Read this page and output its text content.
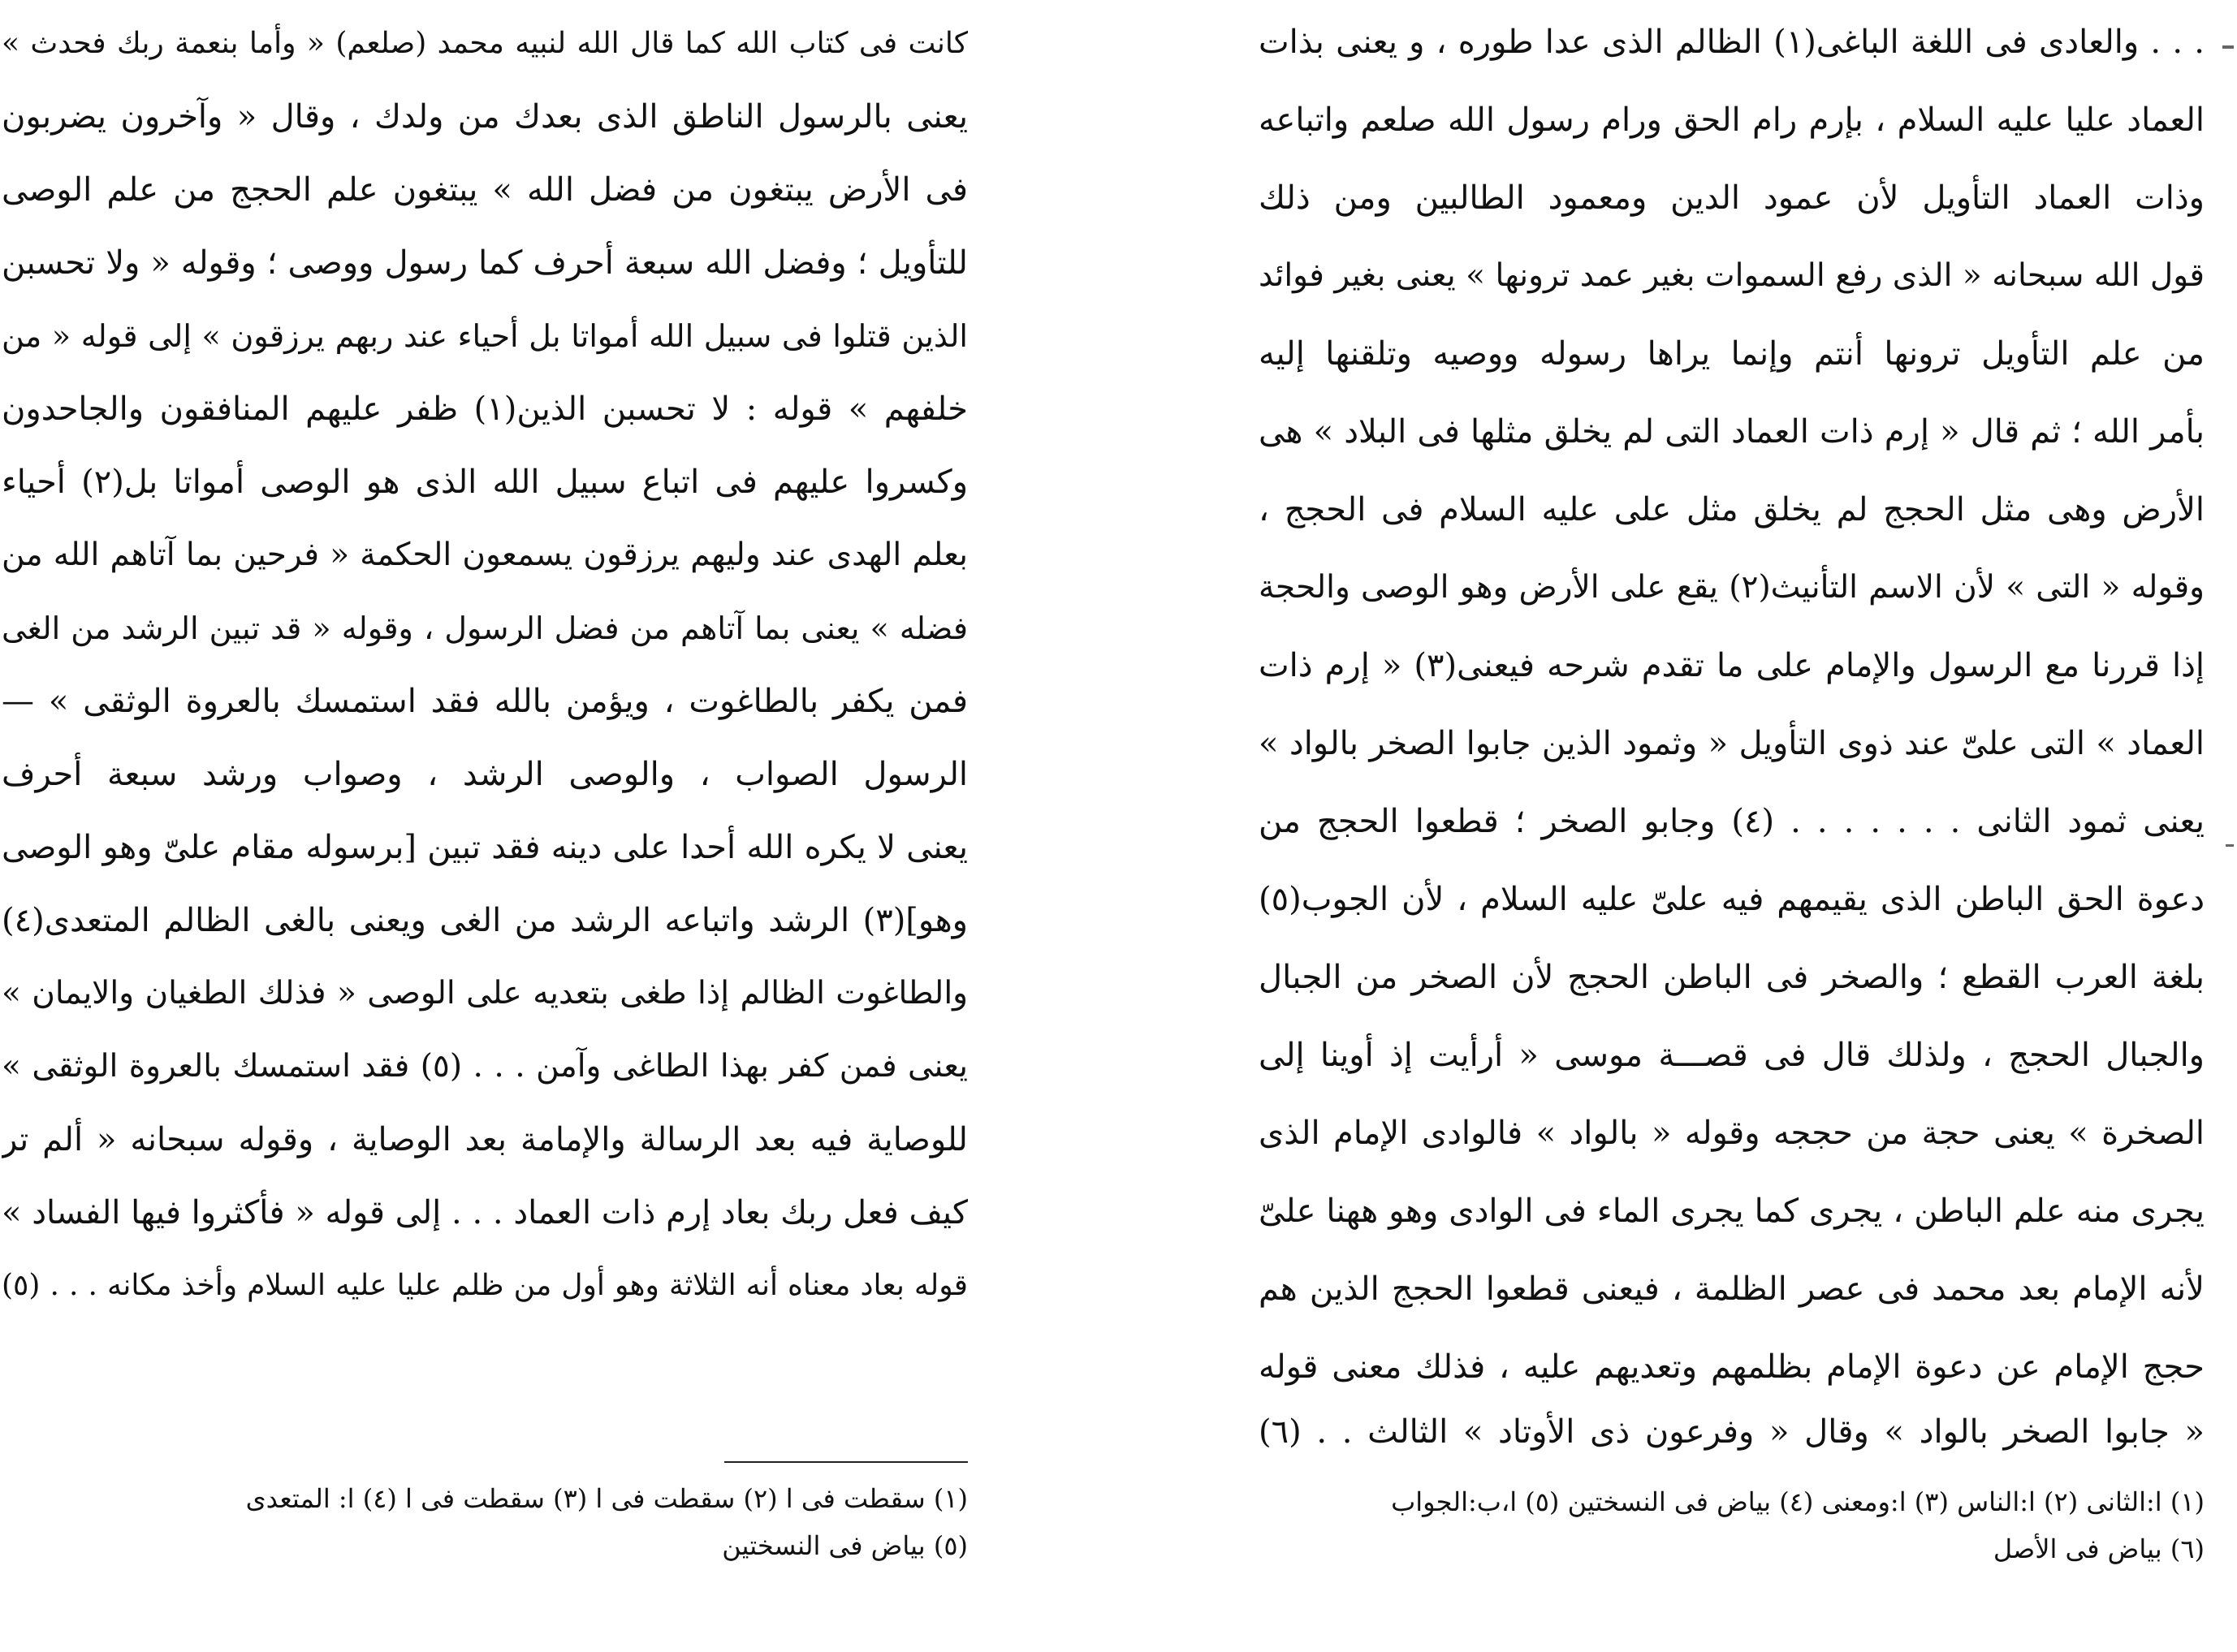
. . . والعادى فى اللغة الباغى(١) الظالم الذى عدا طوره ، و يعنى بذات
العماد عليا عليه السلام ، بإرم رام الحق ورام رسول الله صلعم واتباعه
وذات العماد التأويل لأن عمود الدين ومعمود الطالبين ومن ذلك
قول الله سبحانه « الذى رفع السموات بغير عمد ترونها » يعنى بغير فوائد
من علم التأويل ترونها أنتم وإنما يراها رسوله ووصيه وتلقنها إليه
بأمر الله ؛ ثم قال « إرم ذات العماد التى لم يخلق مثلها فى البلاد » هى
الأرض وهى مثل الحجج لم يخلق مثل على عليه السلام فى الحجج ،
وقوله « التى » لأن الاسم التأنيث(٢) يقع على الأرض وهو الوصى والحجة
إذا قررنا مع الرسول والإمام على ما تقدم شرحه فيعنى(٣) « إرم ذات
العماد » التى علىّ عند ذوى التأويل « وثمود الذين جابوا الصخر بالواد »
يعنى ثمود الثانى . . . . . . . (٤) وجابو الصخر ؛ قطعوا الحجج من
دعوة الحق الباطن الذى يقيمهم فيه علىّ عليه السلام ، لأن الجوب(٥)
بلغة العرب القطع ؛ والصخر فى الباطن الحجج لأن الصخر من الجبال
والجبال الحجج ، ولذلك قال فى قصـــة موسى « أرأيت إذ أوينا إلى
الصخرة » يعنى حجة من حججه وقوله « بالواد » فالوادى الإمام الذى
يجرى منه علم الباطن ، يجرى كما يجرى الماء فى الوادى وهو ههنا علىّ
لأنه الإمام بعد محمد فى عصر الظلمة ، فيعنى قطعوا الحجج الذين هم
حجج الإمام عن دعوة الإمام بظلمهم وتعديهم عليه ، فذلك معنى قوله
« جابوا الصخر بالواد » وقال « وفرعون ذى الأوتاد » الثالث . . (٦)
(١) ا:الثانى (٢) ا:الناس (٣) ا:ومعنى (٤) بياض فى النسختين (٥) ا،ب:الجواب
(٦) بياض فى الأصل
كانت فى كتاب الله كما قال الله لنبيه محمد (صلعم) « وأما بنعمة ربك فحدث »
يعنى بالرسول الناطق الذى بعدك من ولدك ، وقال « وآخرون يضربون
فى الأرض يبتغون من فضل الله » يبتغون علم الحجج من علم الوصى
للتأويل ؛ وفضل الله سبعة أحرف كما رسول ووصى ؛ وقوله « ولا تحسبن
الذين قتلوا فى سبيل الله أمواتا بل أحياء عند ربهم يرزقون » إلى قوله « من
خلفهم » قوله : لا تحسبن الذين(١) ظفر عليهم المنافقون والجاحدون
وكسروا عليهم فى اتباع سبيل الله الذى هو الوصى أمواتا بل(٢) أحياء
بعلم الهدى عند وليهم يرزقون يسمعون الحكمة « فرحين بما آتاهم الله من
فضله » يعنى بما آتاهم من فضل الرسول ، وقوله « قد تبين الرشد من الغى
فمن يكفر بالطاغوت ، ويؤمن بالله فقد استمسك بالعروة الوثقى » —
الرسول الصواب ، والوصى الرشد ، وصواب ورشد سبعة أحرف
يعنى لا يكره الله أحدا على دينه فقد تبين [برسوله مقام علىّ وهو الوصى
وهو](٣) الرشد واتباعه الرشد من الغى ويعنى بالغى الظالم المتعدى(٤)
والطاغوت الظالم إذا طغى بتعديه على الوصى « فذلك الطغيان والايمان »
يعنى فمن كفر بهذا الطاغى وآمن . . . (٥) فقد استمسك بالعروة الوثقى »
للوصاية فيه بعد الرسالة والإمامة بعد الوصاية ، وقوله سبحانه « ألم تر
كيف فعل ربك بعاد إرم ذات العماد . . . إلى قوله « فأكثروا فيها الفساد »
قوله بعاد معناه أنه الثلاثة وهو أول من ظلم عليا عليه السلام وأخذ مكانه . . . (٥)
(١) سقطت فى ا (٢) سقطت فى ا (٣) سقطت فى ا (٤) ا: المتعدى
(٥) بياض فى النسختين
